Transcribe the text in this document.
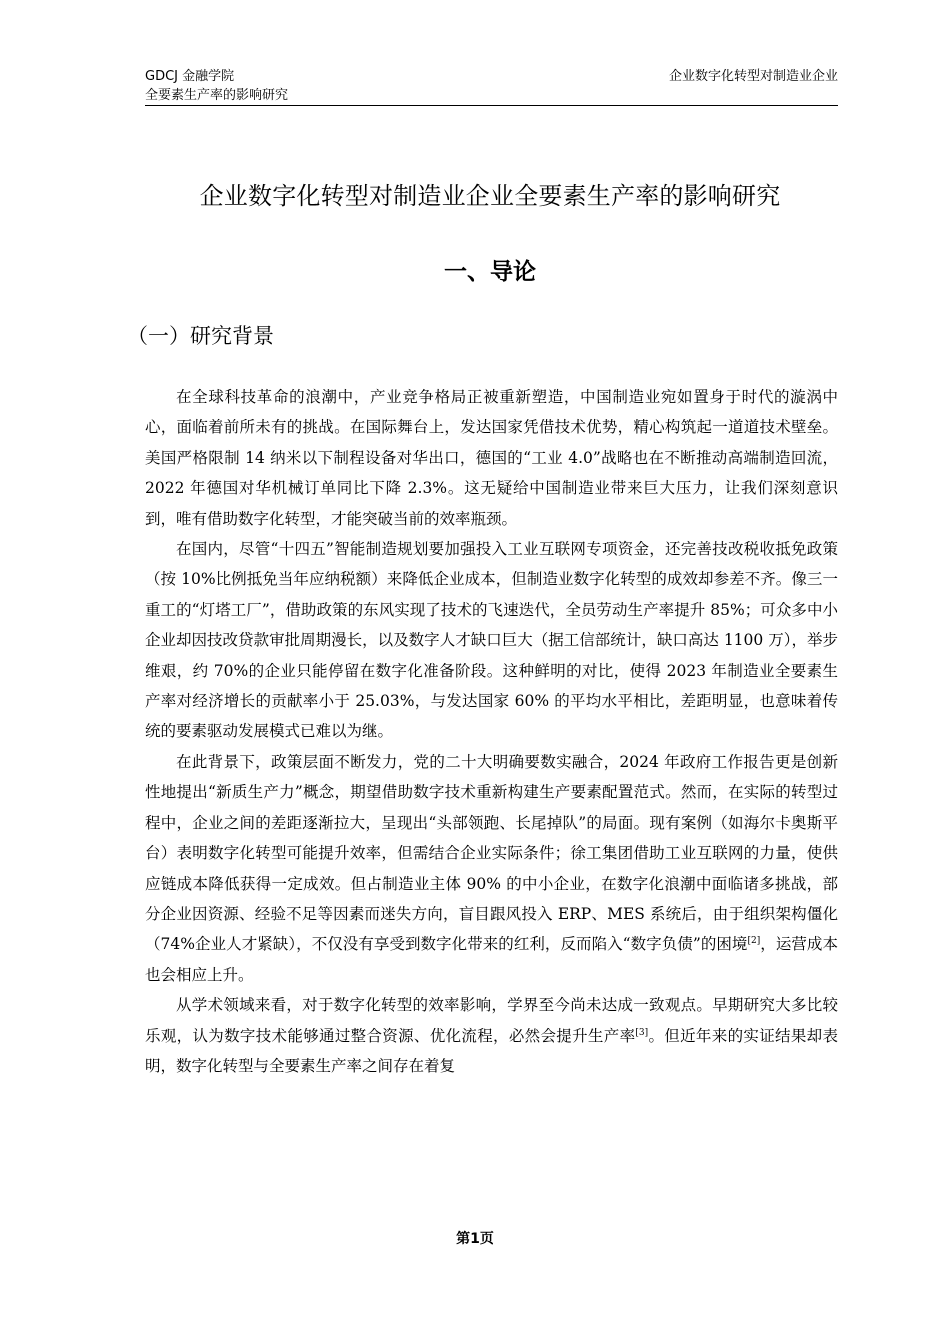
GDCJ 金融学院
全要素生产率的影响研究
企业数字化转型对制造业企业
企业数字化转型对制造业企业全要素生产率的影响研究
一、导论
（一）研究背景

在全球科技革命的浪潮中，产业竞争格局正被重新塑造，中国制造业宛如置身于时代的漩涡中心，面临着前所未有的挑战。在国际舞台上，发达国家凭借技术优势，精心构筑起一道道技术壁垒。美国严格限制 14 纳米以下制程设备对华出口，德国的“工业 4.0”战略也在不断推动高端制造回流，2022 年德国对华机械订单同比下降 2.3%。这无疑给中国制造业带来巨大压力，让我们深刻意识到，唯有借助数字化转型，才能突破当前的效率瓶颈。

在国内，尽管“十四五”智能制造规划要加强投入工业互联网专项资金，还完善技改税收抵免政策（按 10%比例抵免当年应纳税额）来降低企业成本，但制造业数字化转型的成效却参差不齐。像三一重工的“灯塔工厂”，借助政策的东风实现了技术的飞速迭代，全员劳动生产率提升 85%；可众多中小企业却因技改贷款审批周期漫长，以及数字人才缺口巨大（据工信部统计，缺口高达 1100 万），举步维艰，约 70%的企业只能停留在数字化准备阶段。这种鲜明的对比，使得 2023 年制造业全要素生产率对经济增长的贡献率小于 25.03%，与发达国家 60% 的平均水平相比，差距明显，也意味着传统的要素驱动发展模式已难以为继。

在此背景下，政策层面不断发力，党的二十大明确要数实融合，2024 年政府工作报告更是创新性地提出“新质生产力”概念，期望借助数字技术重新构建生产要素配置范式。然而，在实际的转型过程中，企业之间的差距逐渐拉大，呈现出“头部领跑、长尾掉队”的局面。现有案例（如海尔卡奥斯平台）表明数字化转型可能提升效率，但需结合企业实际条件；徐工集团借助工业互联网的力量，使供应链成本降低获得一定成效。但占制造业主体 90% 的中小企业，在数字化浪潮中面临诸多挑战，部分企业因资源、经验不足等因素而迷失方向，盲目跟风投入 ERP、MES 系统后，由于组织架构僵化（74%企业人才紧缺），不仅没有享受到数字化带来的红利，反而陷入“数字负债”的困境[2]，运营成本也会相应上升。

从学术领域来看，对于数字化转型的效率影响，学界至今尚未达成一致观点。早期研究大多比较乐观，认为数字技术能够通过整合资源、优化流程，必然会提升生产率[3]。但近年来的实证结果却表明，数字化转型与全要素生产率之间存在着复

第1页
